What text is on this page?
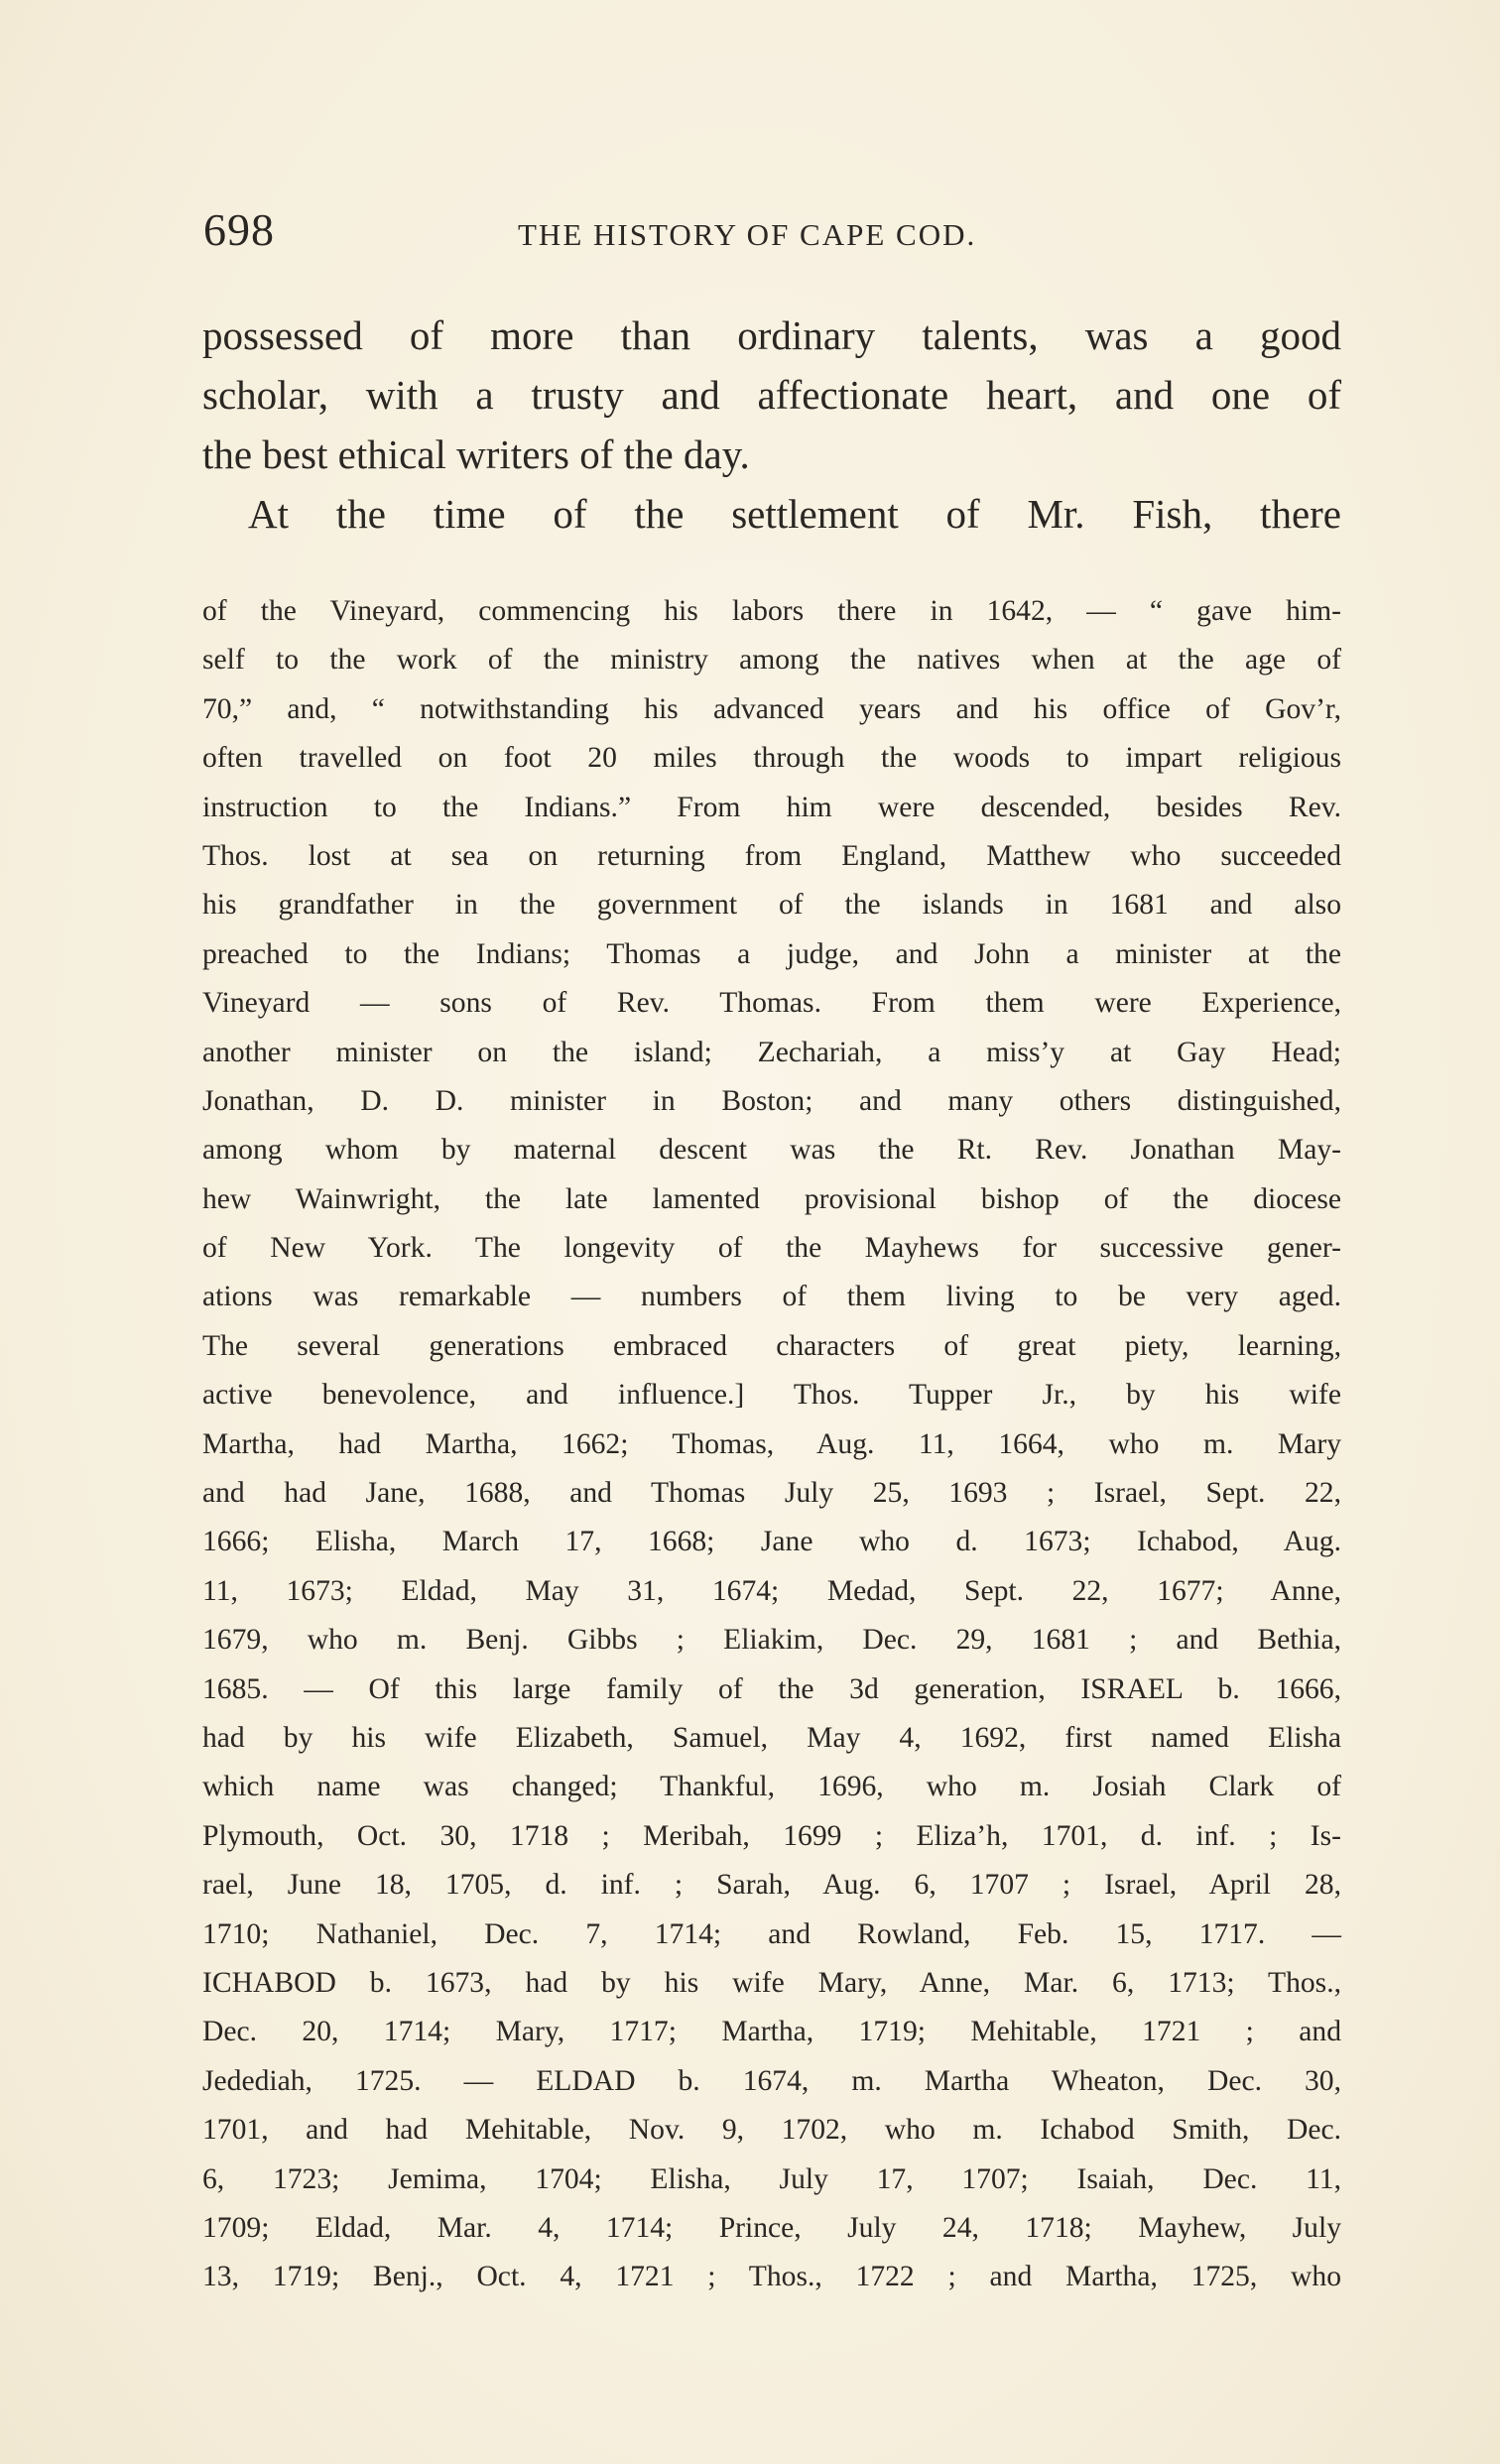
698	THE HISTORY OF CAPE COD.
possessed of more than ordinary talents, was a good
scholar, with a trusty and affectionate heart, and one of
the best ethical writers of the day.
At the time of the settlement of Mr. Fish, there
of the Vineyard, commencing his labors there in 1642, — “ gave him-
self to the work of the ministry among the natives when at the age of
70,” and, “ notwithstanding his advanced years and his office of Gov’r,
often travelled on foot 20 miles through the woods to impart religious
instruction to the Indians.” From him were descended, besides Rev.
Thos. lost at sea on returning from England, Matthew who succeeded
his grandfather in the government of the islands in 1681 and also
preached to the Indians; Thomas a judge, and John a minister at the
Vineyard — sons of Rev. Thomas. From them were Experience,
another minister on the island; Zechariah, a miss’y at Gay Head;
Jonathan, D. D. minister in Boston; and many others distinguished,
among whom by maternal descent was the Rt. Rev. Jonathan May-
hew Wainwright, the late lamented provisional bishop of the diocese
of New York. The longevity of the Mayhews for successive gener-
ations was remarkable — numbers of them living to be very aged.
The several generations embraced characters of great piety, learning,
active benevolence, and influence.] Thos. Tupper Jr., by his wife
Martha, had Martha, 1662; Thomas, Aug. 11, 1664, who m. Mary
and had Jane, 1688, and Thomas July 25, 1693 ; Israel, Sept. 22,
1666; Elisha, March 17, 1668; Jane who d. 1673; Ichabod, Aug.
11, 1673; Eldad, May 31, 1674; Medad, Sept. 22, 1677; Anne,
1679, who m. Benj. Gibbs ; Eliakim, Dec. 29, 1681 ; and Bethia,
1685. — Of this large family of the 3d generation, ISRAEL b. 1666,
had by his wife Elizabeth, Samuel, May 4, 1692, first named Elisha
which name was changed; Thankful, 1696, who m. Josiah Clark of
Plymouth, Oct. 30, 1718 ; Meribah, 1699 ; Eliza’h, 1701, d. inf. ; Is-
rael, June 18, 1705, d. inf. ; Sarah, Aug. 6, 1707 ; Israel, April 28,
1710; Nathaniel, Dec. 7, 1714; and Rowland, Feb. 15, 1717. —
ICHABOD b. 1673, had by his wife Mary, Anne, Mar. 6, 1713; Thos.,
Dec. 20, 1714; Mary, 1717; Martha, 1719; Mehitable, 1721 ; and
Jedediah, 1725. — ELDAD b. 1674, m. Martha Wheaton, Dec. 30,
1701, and had Mehitable, Nov. 9, 1702, who m. Ichabod Smith, Dec.
6, 1723; Jemima, 1704; Elisha, July 17, 1707; Isaiah, Dec. 11,
1709; Eldad, Mar. 4, 1714; Prince, July 24, 1718; Mayhew, July
13, 1719; Benj., Oct. 4, 1721 ; Thos., 1722 ; and Martha, 1725, who
